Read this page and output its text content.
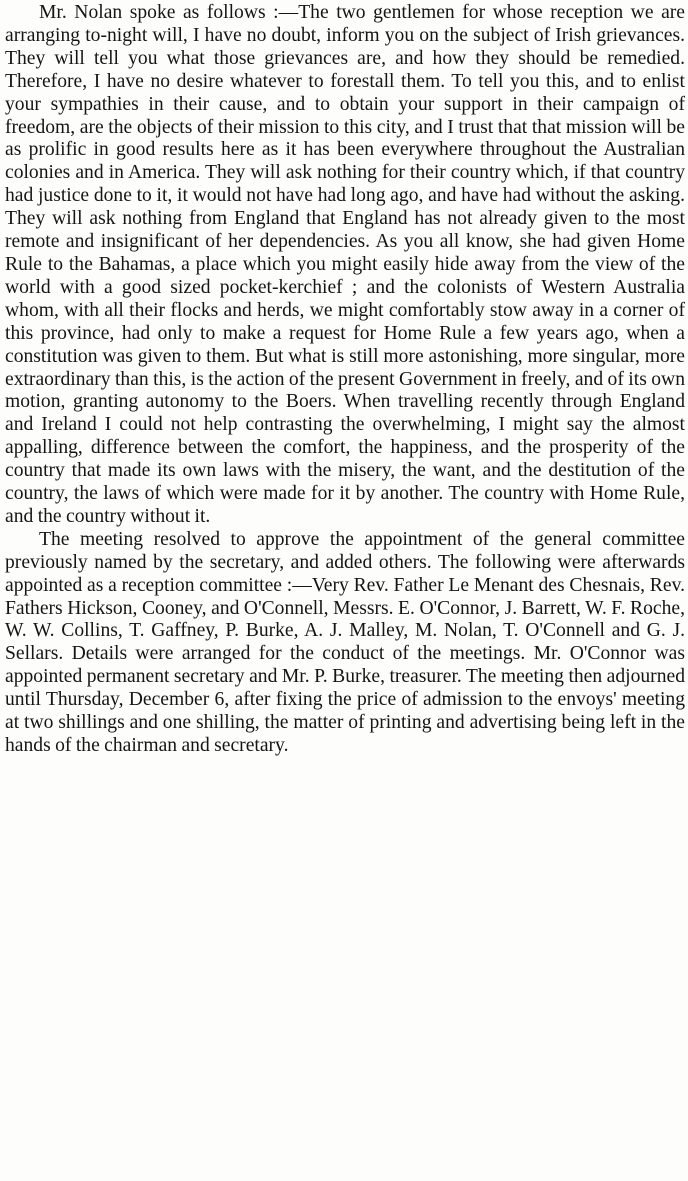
Mr. Nolan spoke as follows :—The two gentlemen for whose reception we are arranging to-night will, I have no doubt, inform you on the subject of Irish grievances. They will tell you what those grievances are, and how they should be remedied. Therefore, I have no desire whatever to forestall them. To tell you this, and to enlist your sympathies in their cause, and to obtain your support in their campaign of freedom, are the objects of their mission to this city, and I trust that that mission will be as prolific in good results here as it has been everywhere throughout the Australian colonies and in America. They will ask nothing for their country which, if that country had justice done to it, it would not have had long ago, and have had without the asking. They will ask nothing from England that England has not already given to the most remote and insignificant of her dependencies. As you all know, she had given Home Rule to the Bahamas, a place which you might easily hide away from the view of the world with a good sized pocket-kerchief ; and the colonists of Western Australia whom, with all their flocks and herds, we might comfortably stow away in a corner of this province, had only to make a request for Home Rule a few years ago, when a constitution was given to them. But what is still more astonishing, more singular, more extraordinary than this, is the action of the present Government in freely, and of its own motion, granting autonomy to the Boers. When travelling recently through England and Ireland I could not help contrasting the overwhelming, I might say the almost appalling, difference between the comfort, the happiness, and the prosperity of the country that made its own laws with the misery, the want, and the destitution of the country, the laws of which were made for it by another. The country with Home Rule, and the country without it.

The meeting resolved to approve the appointment of the general committee previously named by the secretary, and added others. The following were afterwards appointed as a reception committee :—Very Rev. Father Le Menant des Chesnais, Rev. Fathers Hickson, Cooney, and O'Connell, Messrs. E. O'Connor, J. Barrett, W. F. Roche, W. W. Collins, T. Gaffney, P. Burke, A. J. Malley, M. Nolan, T. O'Connell and G. J. Sellars. Details were arranged for the conduct of the meetings. Mr. O'Connor was appointed permanent secretary and Mr. P. Burke, treasurer. The meeting then adjourned until Thursday, December 6, after fixing the price of admission to the envoys' meeting at two shillings and one shilling, the matter of printing and advertising being left in the hands of the chairman and secretary.
